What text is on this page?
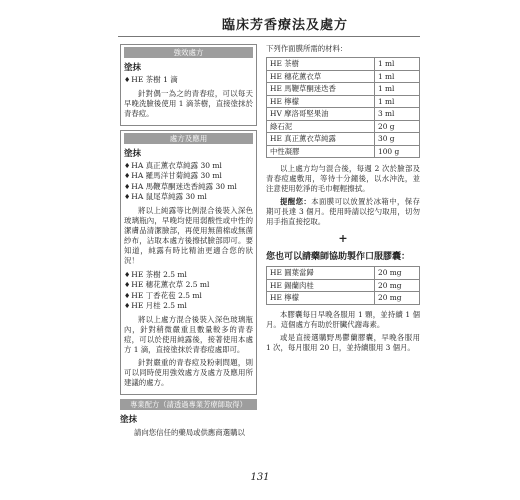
臨床芳香療法及處方
強效處方
塗抹
♦HE 茶樹 1 滴
針對偶一為之的青春痘，可以每天早晚洗臉後使用 1 滴茶樹，直接塗抹於青春痘。
處方及應用
塗抹
♦HA 真正薰衣草純露 30 ml
♦HA 羅馬洋甘菊純露 30 ml
♦HA 馬鞭草酮迷迭香純露 30 ml
♦HA 鼠尾草純露 30 ml
將以上純露等比例混合後裝入深色玻璃瓶內，早晚均使用弱酸性或中性的潔膚品清潔臉部，再使用無菌棉或無菌紗布，沾取本處方後擦拭臉部即可。要知道，純露有時比精油更適合您的狀況！
♦HE 茶樹 2.5 ml
♦HE 穗花薰衣草 2.5 ml
♦HE 丁香花苞 2.5 ml
♦HE 月桂 2.5 ml
將以上處方混合後裝入深色玻璃瓶內，針對稍微嚴重且數量較多的青春痘，可以於使用純露後，接著使用本處方 1 滴，直接塗抹於青春痘處即可。
針對嚴重的青春痘及粉刺問題，則可以同時使用強效處方及處方及應用所建議的處方。
專業配方（請透過專業芳療師取得）
塗抹
請向您信任的藥局或供應商選購以
下列作面膜所需的材料：
HE 茶樹	1 ml
HE 穗花薰衣草	1 ml
HE 馬鞭草酮迷迭香	1 ml
HE 檸檬	1 ml
HV 摩洛哥堅果油	3 ml
綠石泥	20 g
HE 真正薰衣草純露	30 g
中性凝膠	100 g
以上處方均勻混合後，每週 2 次於臉部及青春痘處敷用，等待十分鐘後，以水沖洗，並注意使用乾淨的毛巾輕輕擦拭。
提醒您：本面膜可以放置於冰箱中，保存期可長達 3 個月。使用時請以挖勺取用，切勿用手指直接挖取。
+
您也可以請藥師協助製作口服膠囊：
HE 圓葉當歸	20 mg
HE 錫蘭肉桂	20 mg
HE 檸檬	20 mg
本膠囊每日早晚各服用 1 顆，並持續 1 個月。這個處方有助於肝臟代謝毒素。
或是直接選購野馬鬱蘭膠囊，早晚各服用 1 次，每月服用 20 日，並持續服用 3 個月。
131
